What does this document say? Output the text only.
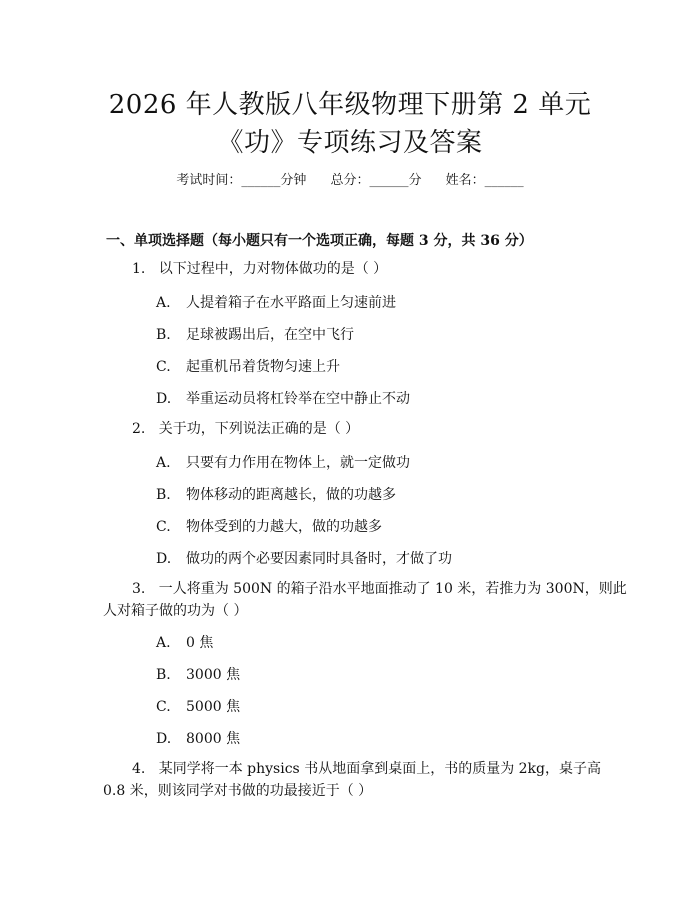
2026 年人教版八年级物理下册第 2 单元
《功》专项练习及答案
考试时间：______分钟 总分：______分 姓名：______
一、单项选择题（每小题只有一个选项正确，每题 3 分，共 36 分）
1. 以下过程中，力对物体做功的是（ ）
A. 人提着箱子在水平路面上匀速前进
B. 足球被踢出后，在空中飞行
C. 起重机吊着货物匀速上升
D. 举重运动员将杠铃举在空中静止不动
2. 关于功，下列说法正确的是（ ）
A. 只要有力作用在物体上，就一定做功
B. 物体移动的距离越长，做的功越多
C. 物体受到的力越大，做的功越多
D. 做功的两个必要因素同时具备时，才做了功
3. 一人将重为 500N 的箱子沿水平地面推动了 10 米，若推力为 300N，则此
人对箱子做的功为（ ）
A. 0 焦
B. 3000 焦
C. 5000 焦
D. 8000 焦
4. 某同学将一本 physics 书从地面拿到桌面上，书的质量为 2kg，桌子高
0.8 米，则该同学对书做的功最接近于（ ）
